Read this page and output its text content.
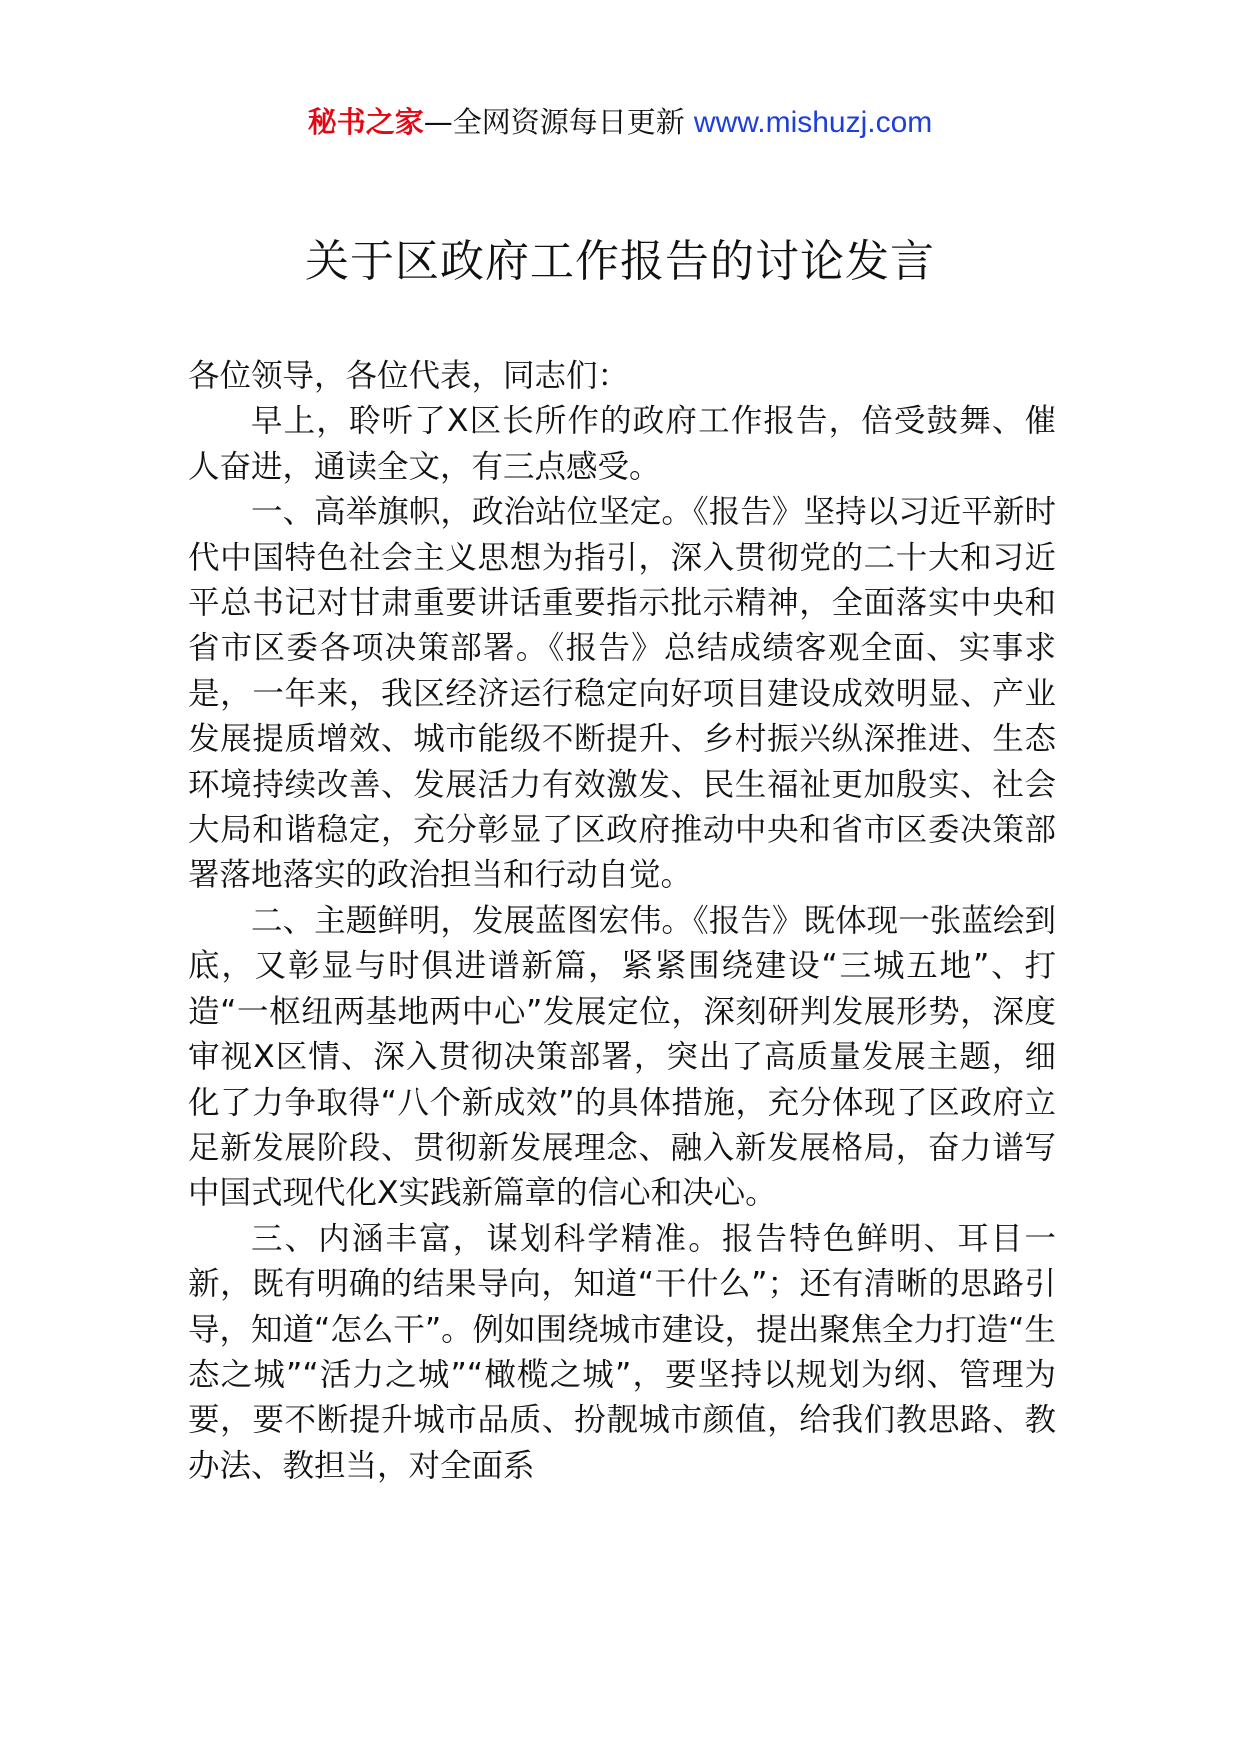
秘书之家—全网资源每日更新 www.mishuzj.com
关于区政府工作报告的讨论发言

各位领导，各位代表，同志们：

早上，聆听了X区长所作的政府工作报告，倍受鼓舞、催人奋进，通读全文，有三点感受。

一、高举旗帜，政治站位坚定。《报告》坚持以习近平新时代中国特色社会主义思想为指引，深入贯彻党的二十大和习近平总书记对甘肃重要讲话重要指示批示精神，全面落实中央和省市区委各项决策部署。《报告》总结成绩客观全面、实事求是，一年来，我区经济运行稳定向好项目建设成效明显、产业发展提质增效、城市能级不断提升、乡村振兴纵深推进、生态环境持续改善、发展活力有效激发、民生福祉更加殷实、社会大局和谐稳定，充分彰显了区政府推动中央和省市区委决策部署落地落实的政治担当和行动自觉。

二、主题鲜明，发展蓝图宏伟。《报告》既体现一张蓝绘到底，又彰显与时俱进谱新篇，紧紧围绕建设“三城五地”、打造“一枢纽两基地两中心”发展定位，深刻研判发展形势，深度审视X区情、深入贯彻决策部署，突出了高质量发展主题，细化了力争取得“八个新成效”的具体措施，充分体现了区政府立足新发展阶段、贯彻新发展理念、融入新发展格局，奋力谱写中国式现代化X实践新篇章的信心和决心。

三、内涵丰富，谋划科学精准。报告特色鲜明、耳目一新，既有明确的结果导向，知道“干什么”；还有清晰的思路引导，知道“怎么干”。例如围绕城市建设，提出聚焦全力打造“生态之城”“活力之城”“橄榄之城”，要坚持以规划为纲、管理为要，要不断提升城市品质、扮靓城市颜值，给我们教思路、教办法、教担当，对全面系
